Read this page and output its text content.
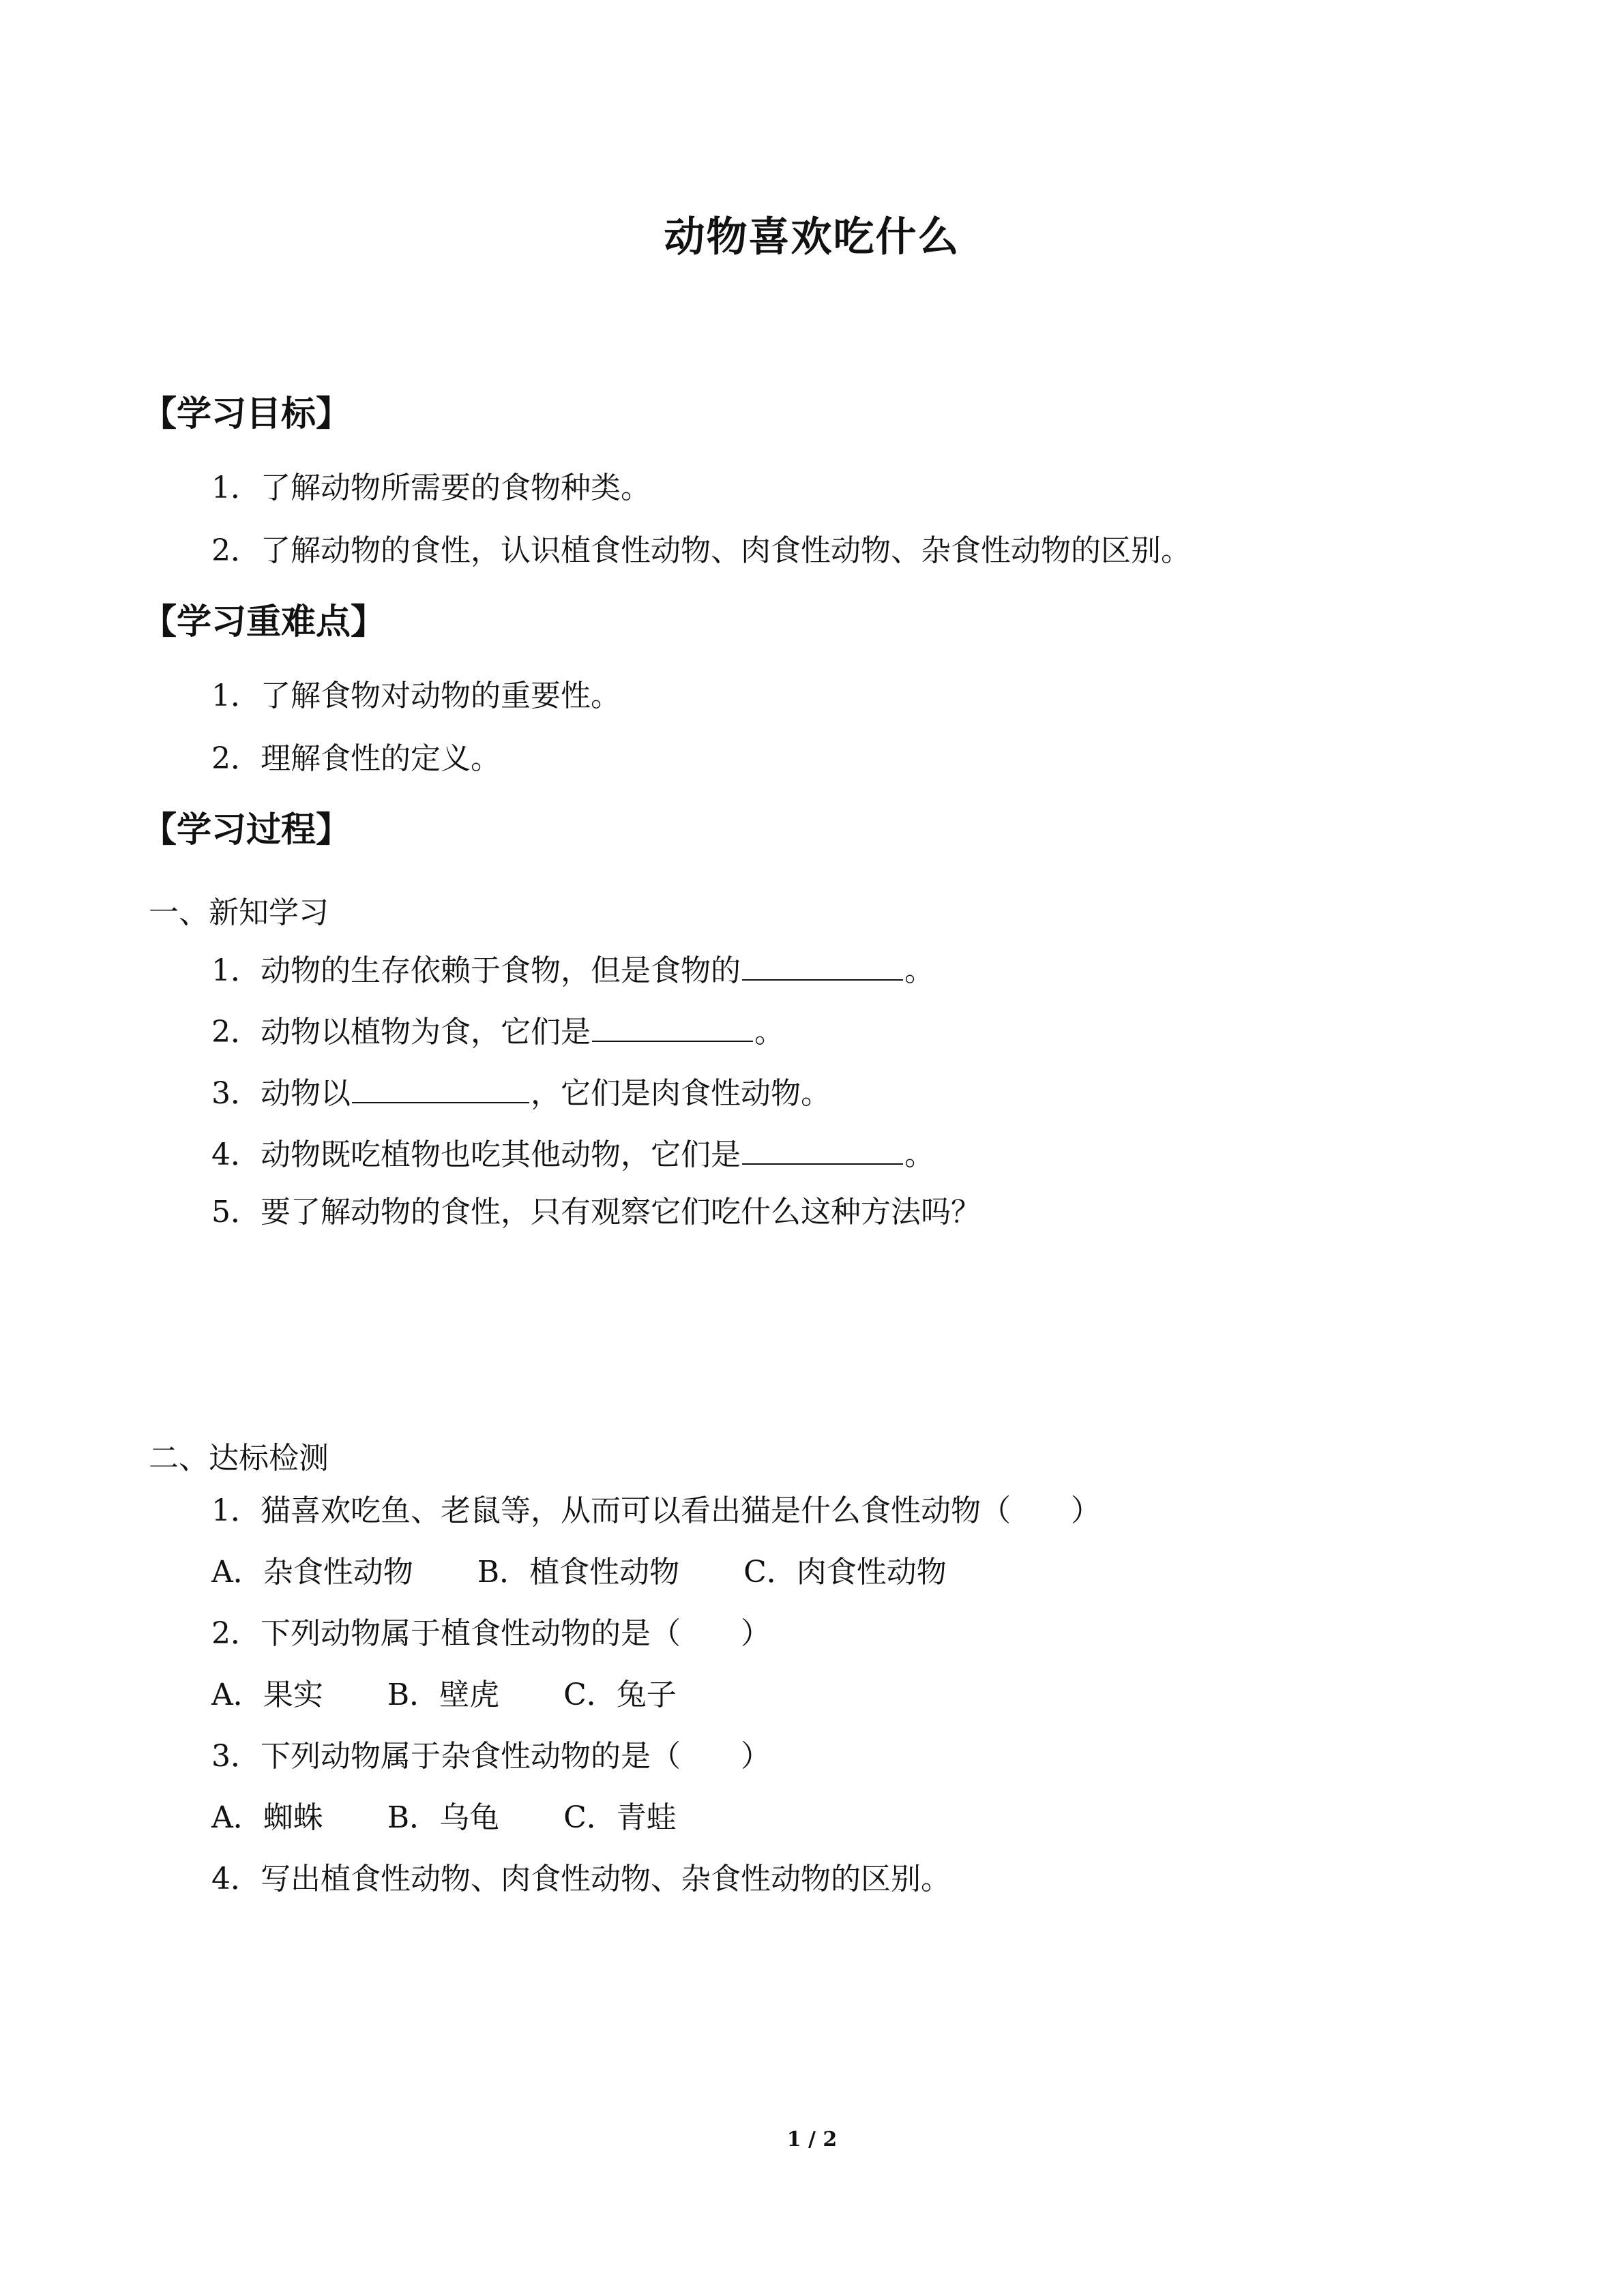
动物喜欢吃什么
【学习目标】
1．了解动物所需要的食物种类。
2．了解动物的食性，认识植食性动物、肉食性动物、杂食性动物的区别。
【学习重难点】
1．了解食物对动物的重要性。
2．理解食性的定义。
【学习过程】
一、新知学习
1．动物的生存依赖于食物，但是食物的	。
2．动物以植物为食，它们是	。
3．动物以	，它们是肉食性动物。
4．动物既吃植物也吃其他动物，它们是	。
5．要了解动物的食性，只有观察它们吃什么这种方法吗？
二、达标检测
1．猫喜欢吃鱼、老鼠等，从而可以看出猫是什么食性动物（　　）
A．杂食性动物 B．植食性动物 C．肉食性动物
2．下列动物属于植食性动物的是（　　）
A．果实 B．壁虎 C．兔子
3．下列动物属于杂食性动物的是（　　）
A．蜘蛛 B．乌龟 C．青蛙
4．写出植食性动物、肉食性动物、杂食性动物的区别。
1 / 2
